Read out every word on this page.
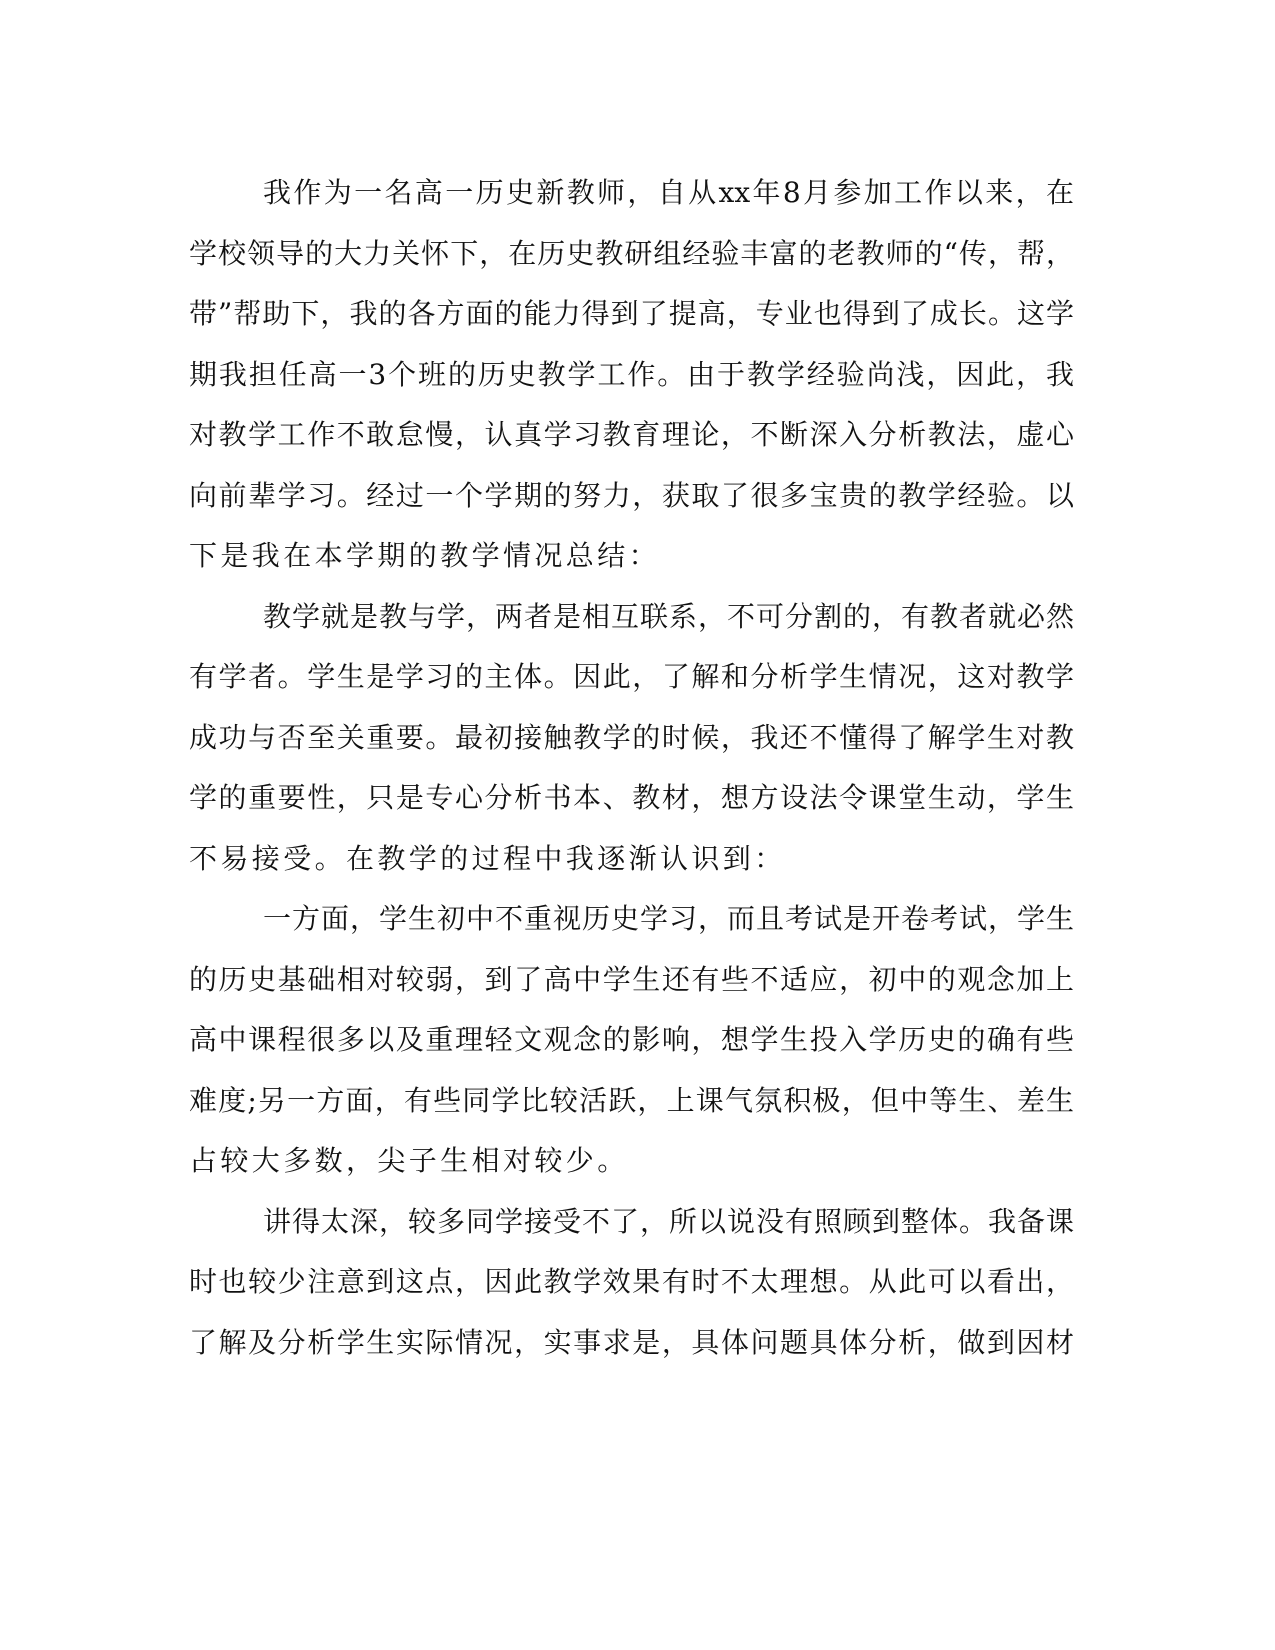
我作为一名高一历史新教师，自从xx年8月参加工作以来，在
学校领导的大力关怀下，在历史教研组经验丰富的老教师的“传，帮，
带”帮助下，我的各方面的能力得到了提高，专业也得到了成长。这学
期我担任高一3个班的历史教学工作。由于教学经验尚浅，因此，我
对教学工作不敢怠慢，认真学习教育理论，不断深入分析教法，虚心
向前辈学习。经过一个学期的努力，获取了很多宝贵的教学经验。以
下是我在本学期的教学情况总结：
教学就是教与学，两者是相互联系，不可分割的，有教者就必然
有学者。学生是学习的主体。因此，了解和分析学生情况，这对教学
成功与否至关重要。最初接触教学的时候，我还不懂得了解学生对教
学的重要性，只是专心分析书本、教材，想方设法令课堂生动，学生
不易接受。在教学的过程中我逐渐认识到：
一方面，学生初中不重视历史学习，而且考试是开卷考试，学生
的历史基础相对较弱，到了高中学生还有些不适应，初中的观念加上
高中课程很多以及重理轻文观念的影响，想学生投入学历史的确有些
难度;另一方面，有些同学比较活跃，上课气氛积极，但中等生、差生
占较大多数，尖子生相对较少。
讲得太深，较多同学接受不了，所以说没有照顾到整体。我备课
时也较少注意到这点，因此教学效果有时不太理想。从此可以看出，
了解及分析学生实际情况，实事求是，具体问题具体分析，做到因材
